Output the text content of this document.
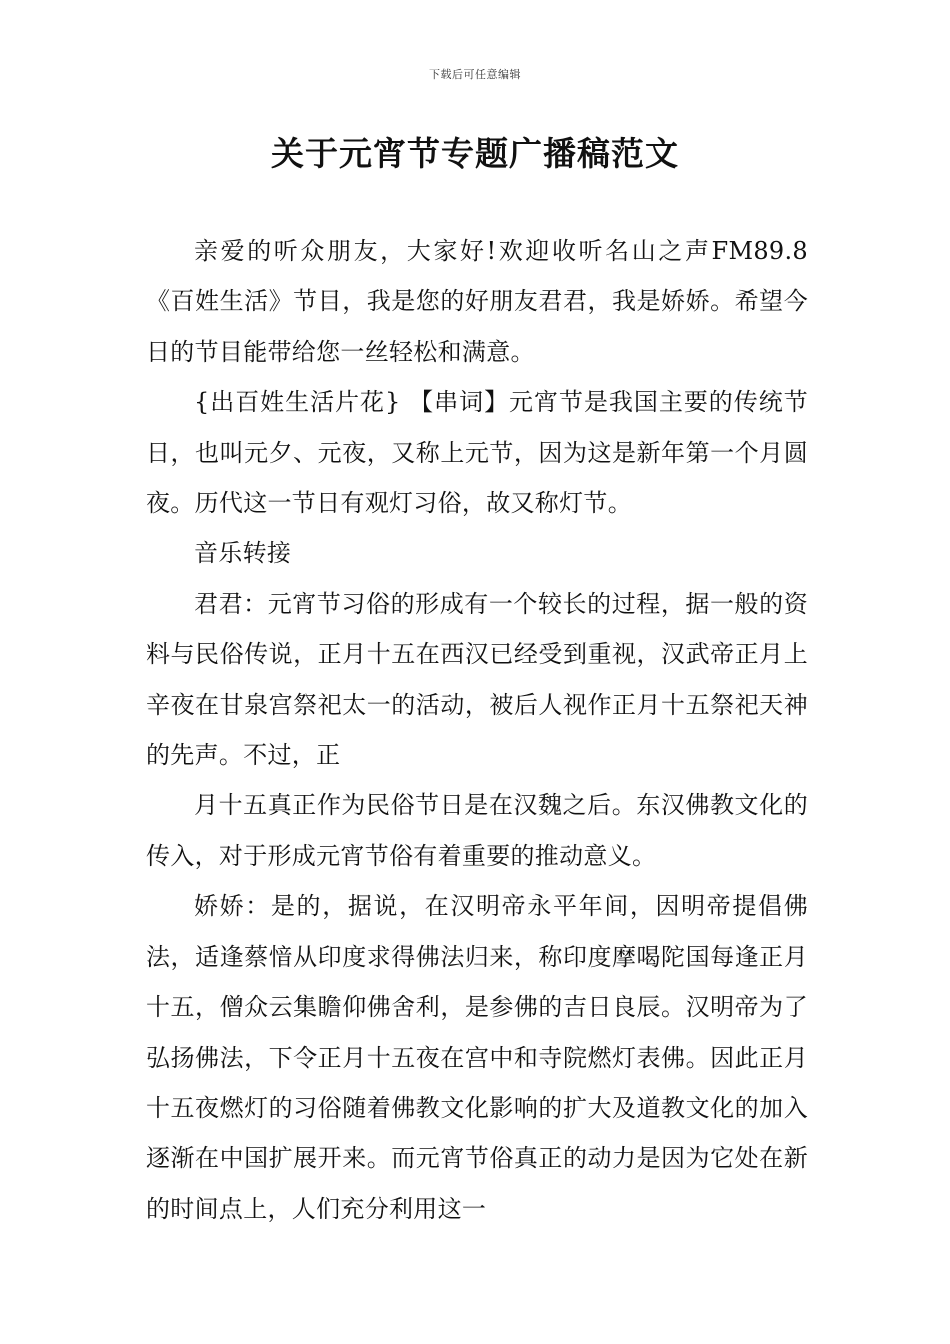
下载后可任意编辑
关于元宵节专题广播稿范文

亲爱的听众朋友，大家好!欢迎收听名山之声FM89.8《百姓生活》节目，我是您的好朋友君君，我是娇娇。希望今日的节目能带给您一丝轻松和满意。

{出百姓生活片花} 【串词】元宵节是我国主要的传统节日，也叫元夕、元夜，又称上元节，因为这是新年第一个月圆夜。历代这一节日有观灯习俗，故又称灯节。

音乐转接

君君：元宵节习俗的形成有一个较长的过程，据一般的资料与民俗传说，正月十五在西汉已经受到重视，汉武帝正月上辛夜在甘泉宫祭祀太一的活动，被后人视作正月十五祭祀天神的先声。不过，正

月十五真正作为民俗节日是在汉魏之后。东汉佛教文化的传入，对于形成元宵节俗有着重要的推动意义。

娇娇：是的，据说，在汉明帝永平年间，因明帝提倡佛法，适逢蔡愔从印度求得佛法归来，称印度摩喝陀国每逢正月十五，僧众云集瞻仰佛舍利，是参佛的吉日良辰。汉明帝为了弘扬佛法，下令正月十五夜在宫中和寺院燃灯表佛。因此正月十五夜燃灯的习俗随着佛教文化影响的扩大及道教文化的加入逐渐在中国扩展开来。而元宵节俗真正的动力是因为它处在新的时间点上，人们充分利用这一
